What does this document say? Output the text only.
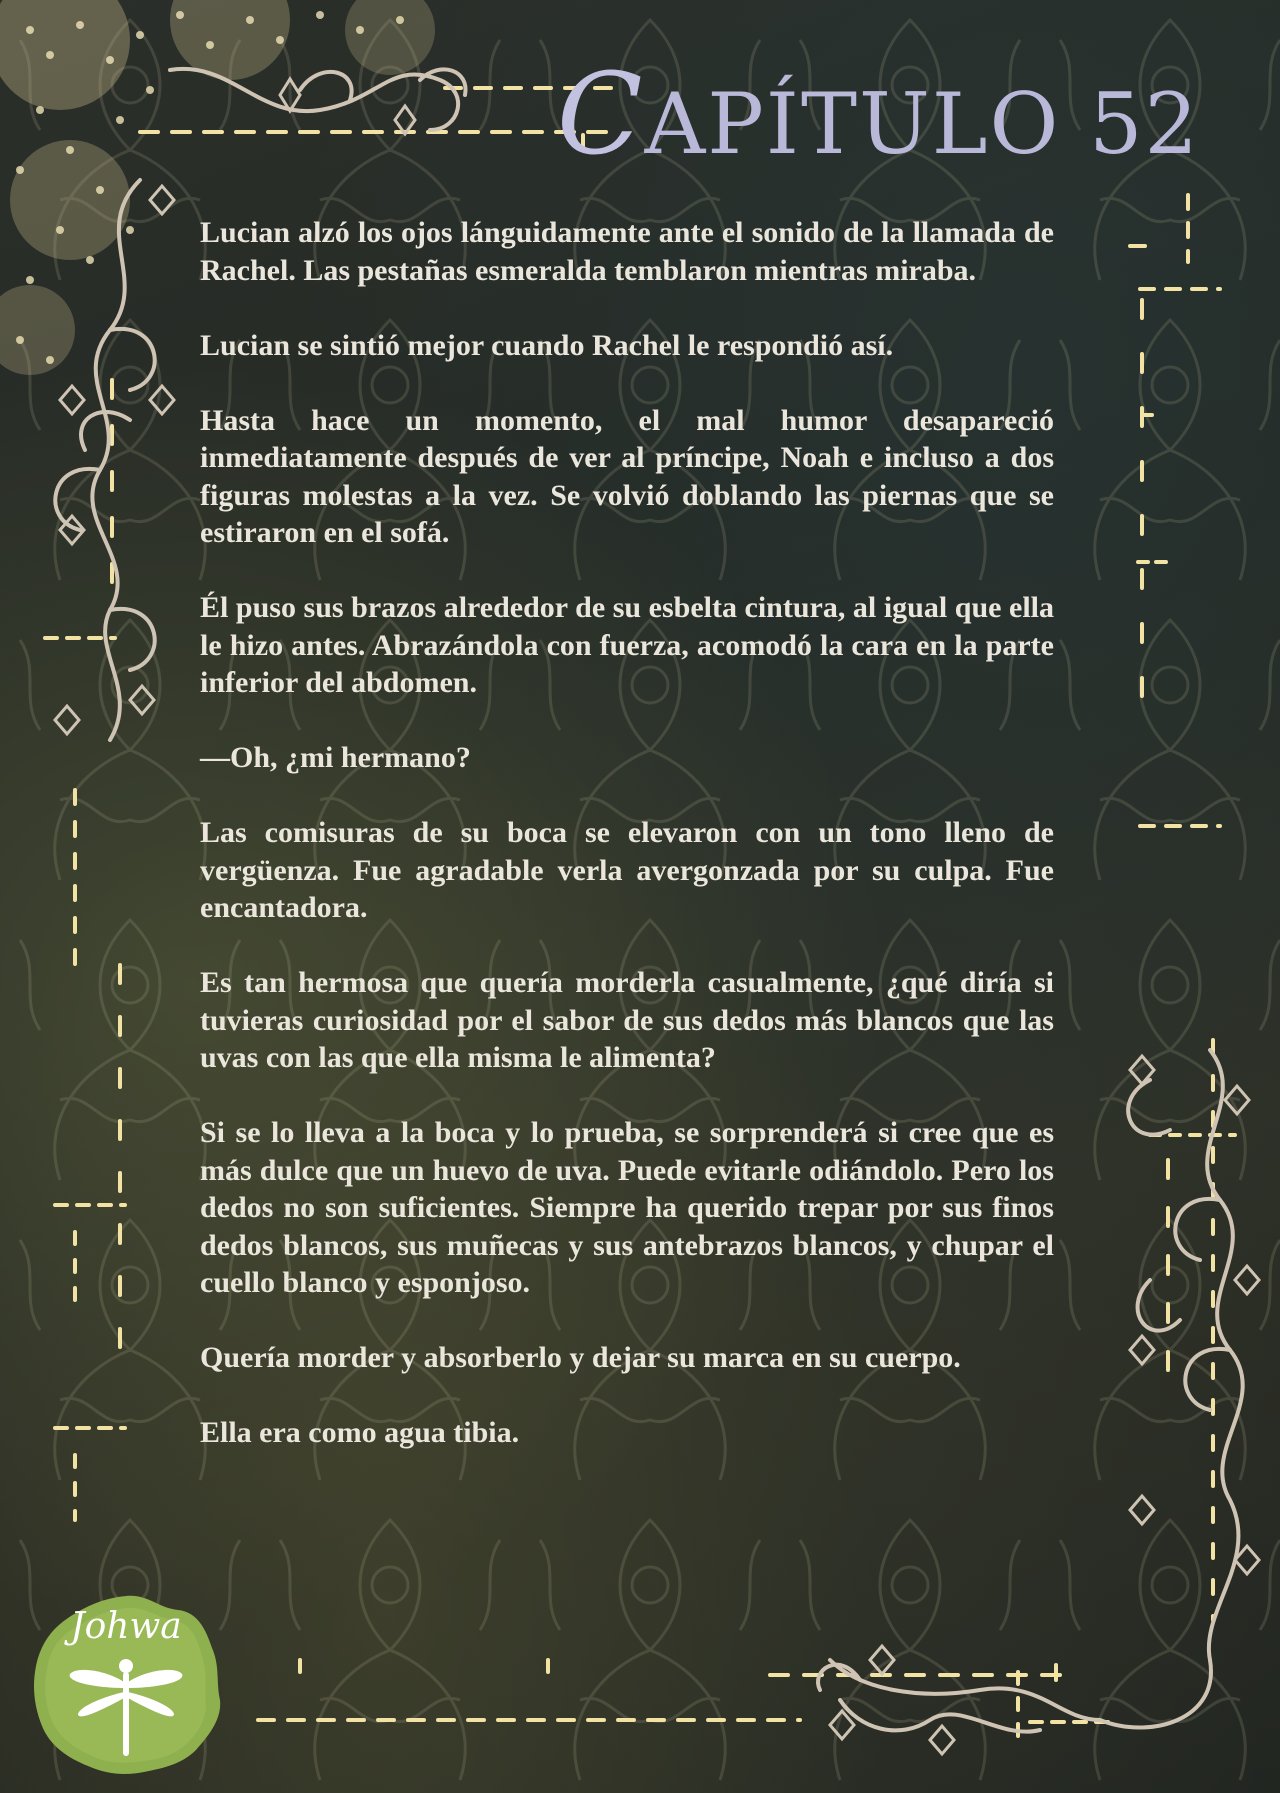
CAPÍTULO 52

Lucian alzó los ojos lánguidamente ante el sonido de la llamada de Rachel. Las pestañas esmeralda temblaron mientras miraba.

Lucian se sintió mejor cuando Rachel le respondió así.

Hasta hace un momento, el mal humor desapareció inmediatamente después de ver al príncipe, Noah e incluso a dos figuras molestas a la vez. Se volvió doblando las piernas que se estiraron en el sofá.

Él puso sus brazos alrededor de su esbelta cintura, al igual que ella le hizo antes. Abrazándola con fuerza, acomodó la cara en la parte inferior del abdomen.

—Oh, ¿mi hermano?

Las comisuras de su boca se elevaron con un tono lleno de vergüenza. Fue agradable verla avergonzada por su culpa. Fue encantadora.

Es tan hermosa que quería morderla casualmente, ¿qué diría si tuvieras curiosidad por el sabor de sus dedos más blancos que las uvas con las que ella misma le alimenta?

Si se lo lleva a la boca y lo prueba, se sorprenderá si cree que es más dulce que un huevo de uva. Puede evitarle odiándolo. Pero los dedos no son suficientes. Siempre ha querido trepar por sus finos dedos blancos, sus muñecas y sus antebrazos blancos, y chupar el cuello blanco y esponjoso.

Quería morder y absorberlo y dejar su marca en su cuerpo.

Ella era como agua tibia.

Johwa
